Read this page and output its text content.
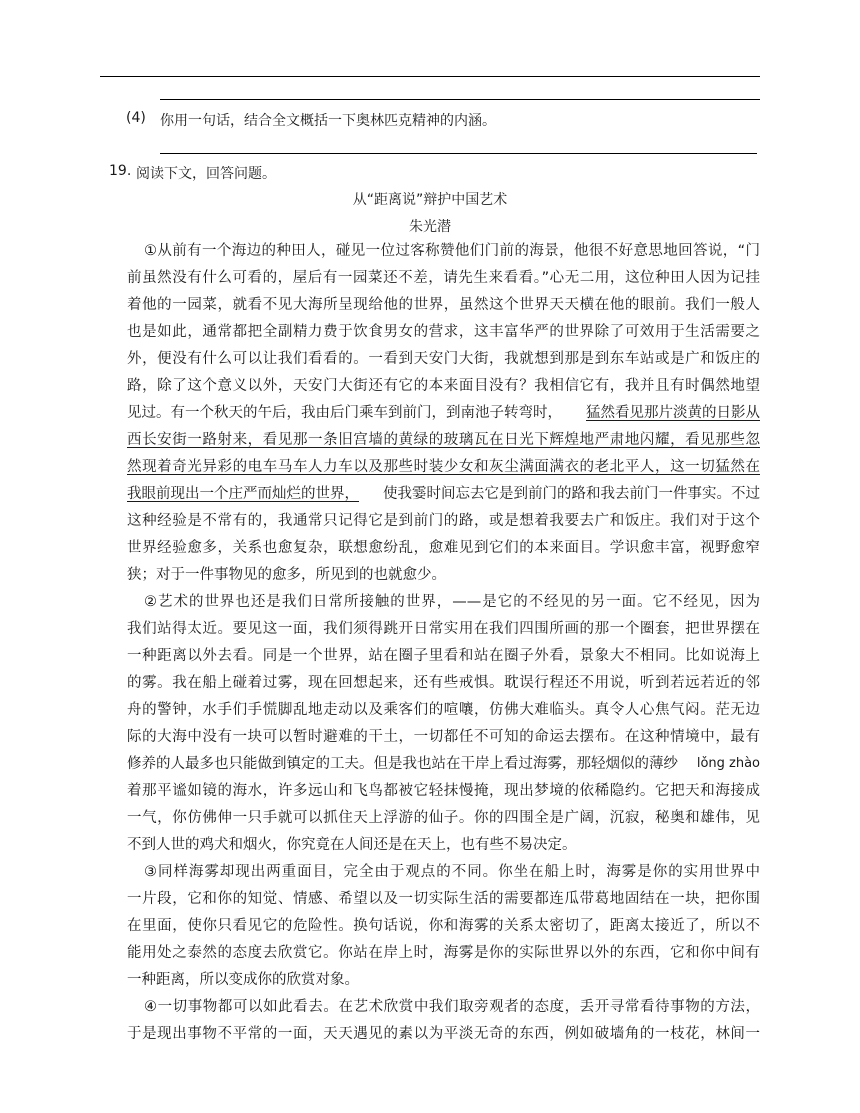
(4) 你用一句话，结合全文概括一下奥林匹克精神的内涵。
19. 阅读下文，回答问题。
从“距离说”辩护中国艺术
朱光潜
①从前有一个海边的种田人，碰见一位过客称赞他们门前的海景，他很不好意思地回答说，“门
前虽然没有什么可看的，屋后有一园菜还不差，请先生来看看。”心无二用，这位种田人因为记挂
着他的一园菜，就看不见大海所呈现给他的世界，虽然这个世界天天横在他的眼前。我们一般人
也是如此，通常都把全副精力费于饮食男女的营求，这丰富华严的世界除了可效用于生活需要之
外，便没有什么可以让我们看看的。一看到天安门大街，我就想到那是到东车站或是广和饭庄的
路，除了这个意义以外，天安门大街还有它的本来面目没有？我相信它有，我并且有时偶然地望
见过。有一个秋天的午后，我由后门乘车到前门，到南池子转弯时， 猛然看见那片淡黄的日影从
西长安街一路射来，看见那一条旧宫墙的黄绿的玻璃瓦在日光下辉煌地严肃地闪耀，看见那些忽
然现着奇光异彩的电车马车人力车以及那些时装少女和灰尘满面满衣的老北平人，这一切猛然在
我眼前现出一个庄严而灿烂的世界， 使我霎时间忘去它是到前门的路和我去前门一件事实。不过
这种经验是不常有的，我通常只记得它是到前门的路，或是想着我要去广和饭庄。我们对于这个
世界经验愈多，关系也愈复杂，联想愈纷乱，愈难见到它们的本来面目。学识愈丰富，视野愈窄
狭；对于一件事物见的愈多，所见到的也就愈少。
②艺术的世界也还是我们日常所接触的世界，——是它的不经见的另一面。它不经见，因为
我们站得太近。要见这一面，我们须得跳开日常实用在我们四围所画的那一个圈套，把世界摆在
一种距离以外去看。同是一个世界，站在圈子里看和站在圈子外看，景象大不相同。比如说海上
的雾。我在船上碰着过雾，现在回想起来，还有些戒惧。耽误行程还不用说，听到若远若近的邻
舟的警钟，水手们手慌脚乱地走动以及乘客们的喧嚷，仿佛大难临头。真令人心焦气闷。茫无边
际的大海中没有一块可以暂时避难的干土，一切都任不可知的命运去摆布。在这种情境中，最有
修养的人最多也只能做到镇定的工夫。但是我也站在干岸上看过海雾，那轻烟似的薄纱 lǒng zhào
着那平谧如镜的海水，许多远山和飞鸟都被它轻抹慢掩，现出梦境的依稀隐约。它把天和海接成
一气，你仿佛伸一只手就可以抓住天上浮游的仙子。你的四围全是广阔，沉寂，秘奥和雄伟，见
不到人世的鸡犬和烟火，你究竟在人间还是在天上，也有些不易决定。
③同样海雾却现出两重面目，完全由于观点的不同。你坐在船上时，海雾是你的实用世界中
一片段，它和你的知觉、情感、希望以及一切实际生活的需要都连瓜带葛地固结在一块，把你围
在里面，使你只看见它的危险性。换句话说，你和海雾的关系太密切了，距离太接近了，所以不
能用处之泰然的态度去欣赏它。你站在岸上时，海雾是你的实际世界以外的东西，它和你中间有
一种距离，所以变成你的欣赏对象。
④一切事物都可以如此看去。在艺术欣赏中我们取旁观者的态度，丢开寻常看待事物的方法，
于是现出事物不平常的一面，天天遇见的素以为平淡无奇的东西，例如破墙角的一枝花，林间一
